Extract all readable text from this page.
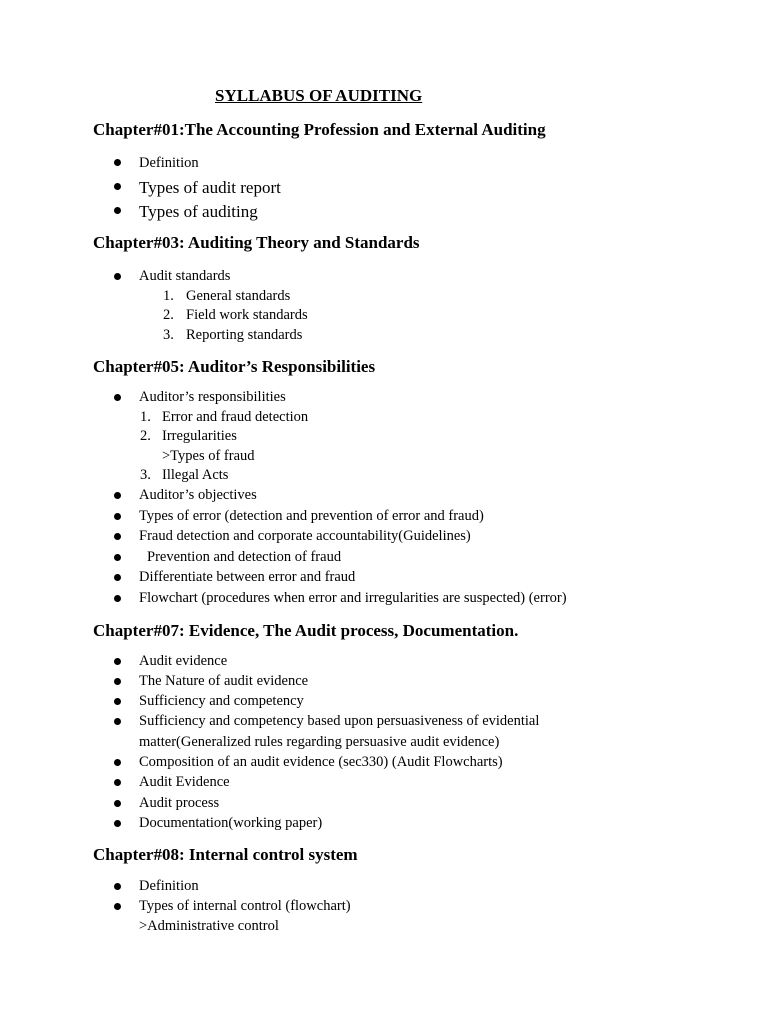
SYLLABUS OF AUDITING
Chapter#01:The Accounting Profession and External Auditing
Definition
Types of audit report
Types of auditing
Chapter#03: Auditing Theory and Standards
Audit standards
1. General standards
2. Field work standards
3. Reporting standards
Chapter#05: Auditor’s Responsibilities
Auditor’s responsibilities
1. Error and fraud detection
2. Irregularities
>Types of fraud
3. Illegal Acts
Auditor’s objectives
Types of error (detection and prevention of error and fraud)
Fraud detection and corporate accountability(Guidelines)
Prevention and detection of fraud
Differentiate between error and fraud
Flowchart (procedures when error and irregularities are suspected) (error)
Chapter#07: Evidence, The Audit process, Documentation.
Audit evidence
The Nature of audit evidence
Sufficiency and competency
Sufficiency and competency based upon persuasiveness of evidential
matter(Generalized rules regarding persuasive audit evidence)
Composition of an audit evidence (sec330) (Audit Flowcharts)
Audit Evidence
Audit process
Documentation(working paper)
Chapter#08: Internal control system
Definition
Types of internal control (flowchart)
>Administrative control
